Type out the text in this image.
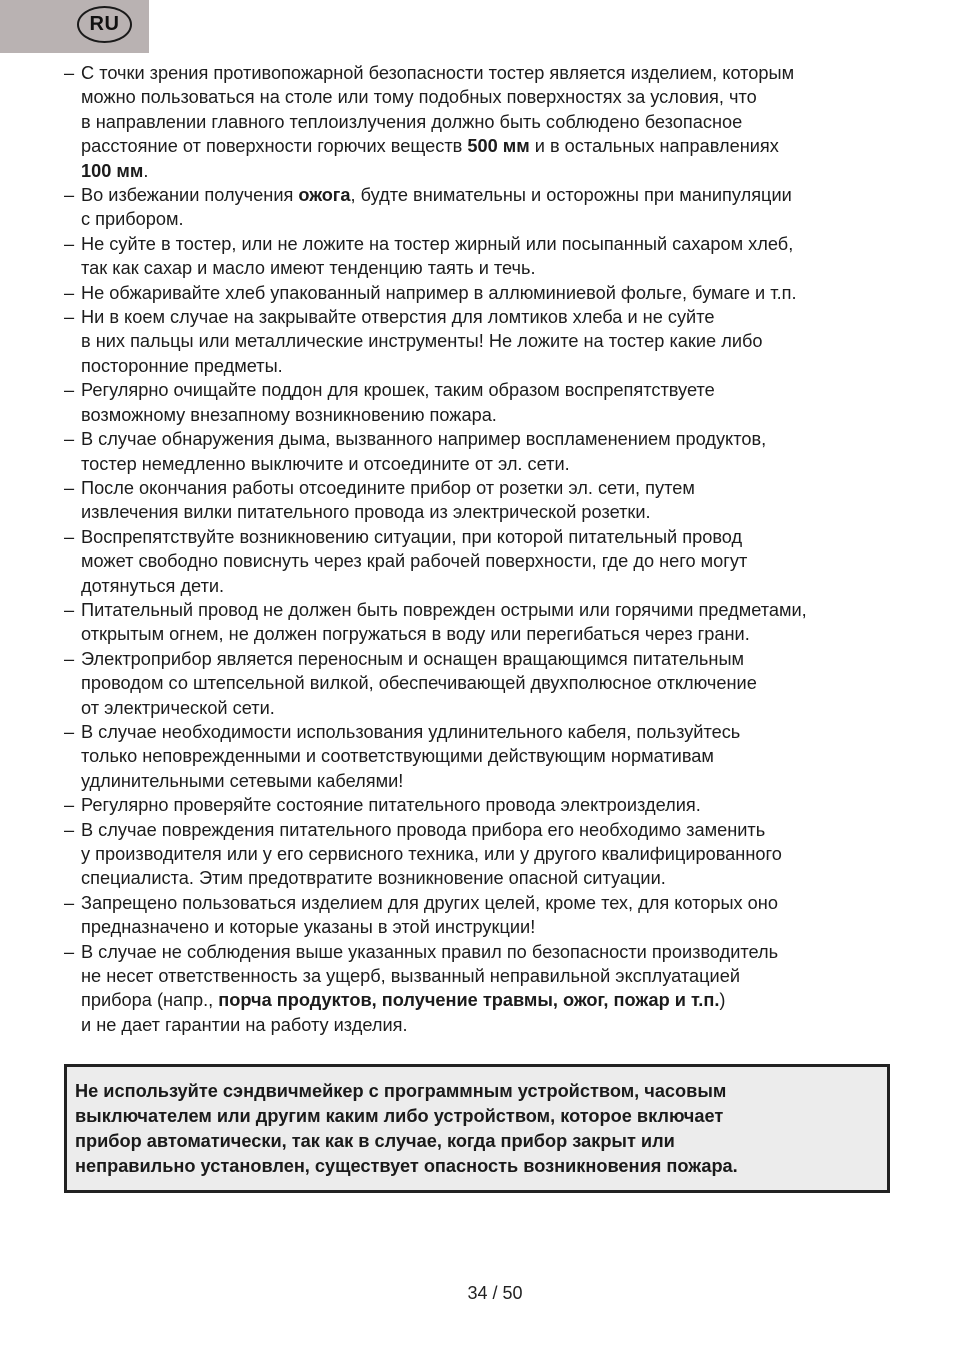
RU
– С точки зрения противопожарной безопасности тостер является изделием, которым
можно пользоваться на столе или тому подобных поверхностях за условия, что
в направлении главного теплоизлучения должно быть соблюдено безопасное
расстояние от поверхности горючих веществ 500 мм и в остальных направлениях
100 мм.
– Во избежании получения ожога, будте внимательны и осторожны при манипуляции
с прибором.
– Не суйте в тостер, или не ложите на тостер жирный или посыпанный сахаром хлеб,
так как сахар и масло имеют тенденцию таять и течь.
– Не обжаривайте хлеб упакованный например в аллюминиевой фольге, бумаге и т.п.
– Ни в коем случае на закрывайте отверстия для ломтиков хлеба и не суйте
в них пальцы или металлические инструменты! Не ложите на тостер какие либо
посторонние предметы.
– Регулярно очищайте поддон для крошек, таким образом воспрепятствуете
возможному внезапному возникновению пожара.
– В случае обнаружения дыма, вызванного например воспламенением продуктов,
тостер немедленно выключите и отсоедините от эл. сети.
– После окончания работы отсоедините прибор от розетки эл. сети, путем
извлечения вилки питательного провода из электрической розетки.
– Воспрепятствуйте возникновению ситуации, при которой питательный провод
может свободно повиснуть через край рабочей поверхности, где до него могут
дотянуться дети.
– Питательный провод не должен быть поврежден острыми или горячими предметами,
открытым огнем, не должен погружаться в воду или перегибаться через грани.
– Электроприбор является переносным и оснащен вращающимся питательным
проводом со штепсельной вилкой, обеспечивающей двухполюсное отключение
от электрической сети.
– В случае необходимости использования удлинительного кабеля, пользуйтесь
только неповрежденными и соответствующими действующим нормативам
удлинительными сетевыми кабелями!
– Регулярно проверяйте состояние питательного провода электроизделия.
– В случае повреждения питательного провода прибора его необходимо заменить
у производителя или у его сервисного техника, или у другого квалифицированного
специалиста. Этим предотвратите возникновение опасной ситуации.
– Запрещено пользоваться изделием для других целей, кроме тех, для которых оно
предназначено и которые указаны в этой инструкции!
– В случае не соблюдения выше указанных правил по безопасности производитель
не несет ответственность за ущерб, вызванный неправильной эксплуатацией
прибора (напр., порча продуктов, получение травмы, ожог, пожар и т.п.)
и не дает гарантии на работу изделия.
Не используйте сэндвичмейкер с программным устройством, часовым
выключателем или другим каким либо устройством, которое включает
прибор автоматически, так как в случае, когда прибор закрыт или
неправильно установлен, существует опасность возникновения пожара.
34 / 50
